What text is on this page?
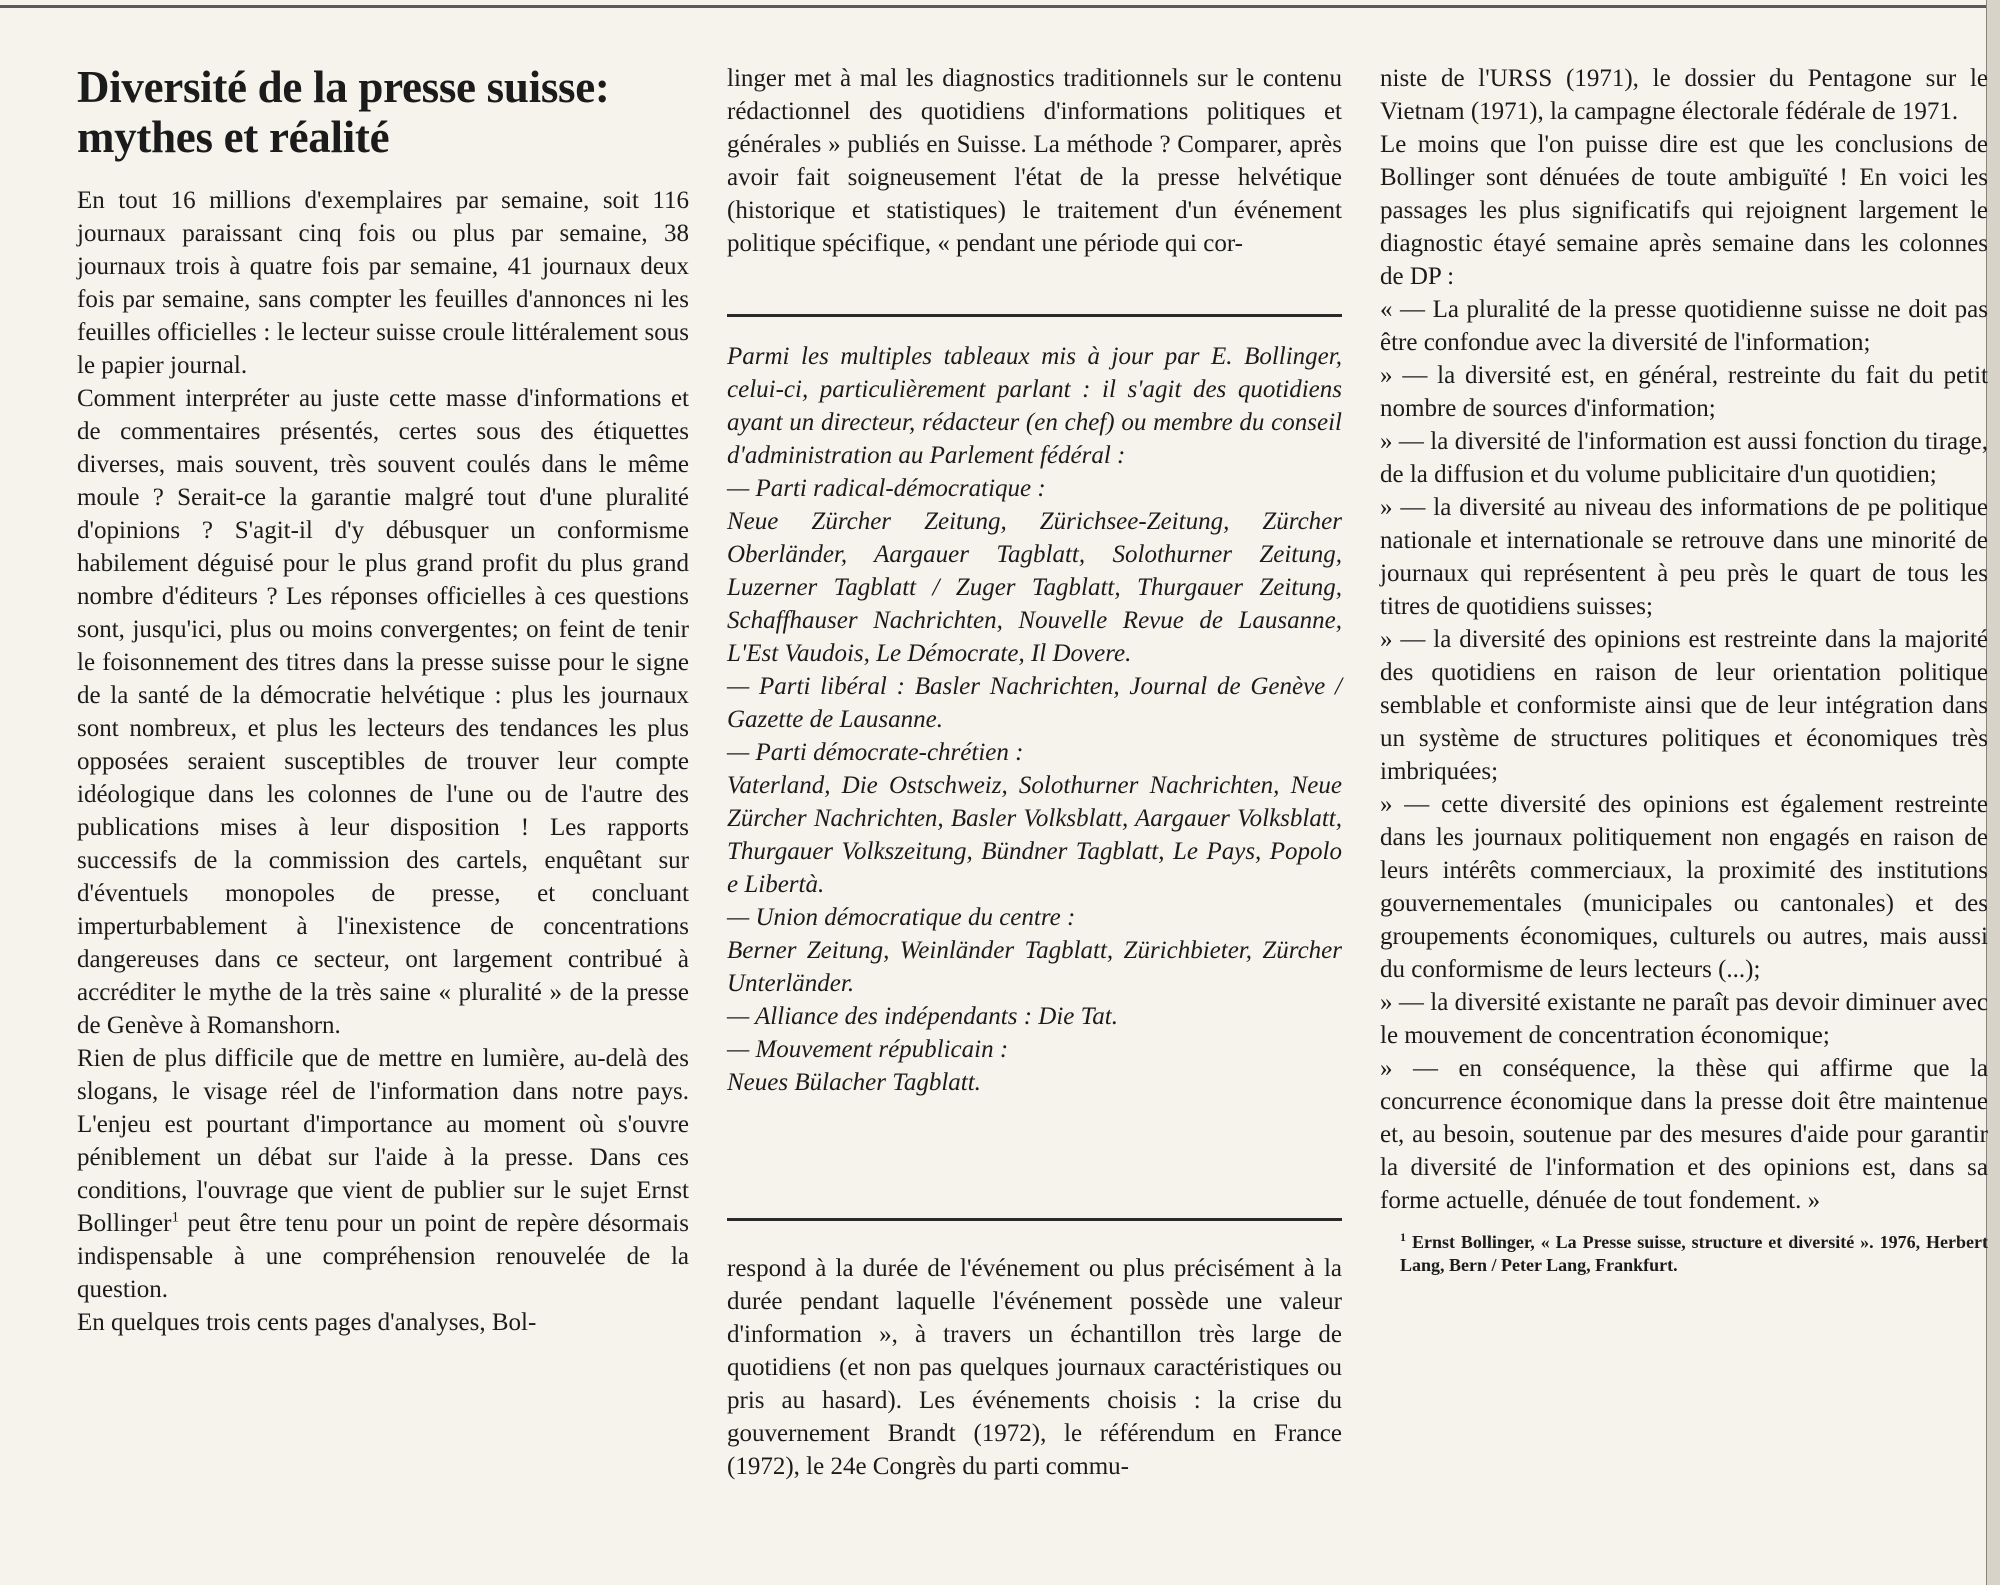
Diversité de la presse suisse: mythes et réalité

En tout 16 millions d'exemplaires par semaine, soit 116 journaux paraissant cinq fois ou plus par semaine, 38 journaux trois à quatre fois par semaine, 41 journaux deux fois par semaine, sans compter les feuilles d'annonces ni les feuilles officielles : le lecteur suisse croule littéralement sous le papier journal.

Comment interpréter au juste cette masse d'informations et de commentaires présentés, certes sous des étiquettes diverses, mais souvent, très souvent coulés dans le même moule ? Serait-ce la garantie malgré tout d'une pluralité d'opinions ? S'agit-il d'y débusquer un conformisme habilement déguisé pour le plus grand profit du plus grand nombre d'éditeurs ? Les réponses officielles à ces questions sont, jusqu'ici, plus ou moins convergentes; on feint de tenir le foisonnement des titres dans la presse suisse pour le signe de la santé de la démocratie helvétique : plus les journaux sont nombreux, et plus les lecteurs des tendances les plus opposées seraient susceptibles de trouver leur compte idéologique dans les colonnes de l'une ou de l'autre des publications mises à leur disposition ! Les rapports successifs de la commission des cartels, enquêtant sur d'éventuels monopoles de presse, et concluant imperturbablement à l'inexistence de concentrations dangereuses dans ce secteur, ont largement contribué à accréditer le mythe de la très saine « pluralité » de la presse de Genève à Romanshorn.

Rien de plus difficile que de mettre en lumière, au-delà des slogans, le visage réel de l'information dans notre pays. L'enjeu est pourtant d'importance au moment où s'ouvre péniblement un débat sur l'aide à la presse. Dans ces conditions, l'ouvrage que vient de publier sur le sujet Ernst Bollinger$^1$ peut être tenu pour un point de repère désormais indispensable à une compréhension renouvelée de la question.

En quelques trois cents pages d'analyses, Bol-

linger met à mal les diagnostics traditionnels sur le contenu rédactionnel des quotidiens d'informations politiques et générales » publiés en Suisse. La méthode ? Comparer, après avoir fait soigneusement l'état de la presse helvétique (historique et statistiques) le traitement d'un événement politique spécifique, « pendant une période qui cor-

Parmi les multiples tableaux mis à jour par E. Bollinger, celui-ci, particulièrement parlant : il s'agit des quotidiens ayant un directeur, rédacteur (en chef) ou membre du conseil d'administration au Parlement fédéral :

— Parti radical-démocratique :

Neue Zürcher Zeitung, Zürichsee-Zeitung, Zürcher Oberländer, Aargauer Tagblatt, Solothurner Zeitung, Luzerner Tagblatt / Zuger Tagblatt, Thurgauer Zeitung, Schaffhauser Nachrichten, Nouvelle Revue de Lausanne, L'Est Vaudois, Le Démocrate, Il Dovere.

— Parti libéral : Basler Nachrichten, Journal de Genève / Gazette de Lausanne.

— Parti démocrate-chrétien :

Vaterland, Die Ostschweiz, Solothurner Nachrichten, Neue Zürcher Nachrichten, Basler Volksblatt, Aargauer Volksblatt, Thurgauer Volkszeitung, Bündner Tagblatt, Le Pays, Popolo e Libertà.

— Union démocratique du centre :

Berner Zeitung, Weinländer Tagblatt, Zürichbieter, Zürcher Unterländer.

— Alliance des indépendants : Die Tat.

— Mouvement républicain :

Neues Bülacher Tagblatt.

respond à la durée de l'événement ou plus précisément à la durée pendant laquelle l'événement possède une valeur d'information », à travers un échantillon très large de quotidiens (et non pas quelques journaux caractéristiques ou pris au hasard). Les événements choisis : la crise du gouvernement Brandt (1972), le référendum en France (1972), le 24e Congrès du parti commu-

niste de l'URSS (1971), le dossier du Pentagone sur le Vietnam (1971), la campagne électorale fédérale de 1971.

Le moins que l'on puisse dire est que les conclusions de Bollinger sont dénuées de toute ambiguïté ! En voici les passages les plus significatifs qui rejoignent largement le diagnostic étayé semaine après semaine dans les colonnes de DP :

« — La pluralité de la presse quotidienne suisse ne doit pas être confondue avec la diversité de l'information;

» — la diversité est, en général, restreinte du fait du petit nombre de sources d'information;

» — la diversité de l'information est aussi fonction du tirage, de la diffusion et du volume publicitaire d'un quotidien;

» — la diversité au niveau des informations de pe politique nationale et internationale se retrouve dans une minorité de journaux qui représentent à peu près le quart de tous les titres de quotidiens suisses;

» — la diversité des opinions est restreinte dans la majorité des quotidiens en raison de leur orientation politique semblable et conformiste ainsi que de leur intégration dans un système de structures politiques et économiques très imbriquées;

» — cette diversité des opinions est également restreinte dans les journaux politiquement non engagés en raison de leurs intérêts commerciaux, la proximité des institutions gouvernementales (municipales ou cantonales) et des groupements économiques, culturels ou autres, mais aussi du conformisme de leurs lecteurs (...);

» — la diversité existante ne paraît pas devoir diminuer avec le mouvement de concentration économique;

» — en conséquence, la thèse qui affirme que la concurrence économique dans la presse doit être maintenue et, au besoin, soutenue par des mesures d'aide pour garantir la diversité de l'information et des opinions est, dans sa forme actuelle, dénuée de tout fondement. »

$^1$ Ernst Bollinger, « La Presse suisse, structure et diversité ». 1976, Herbert Lang, Bern / Peter Lang, Frankfurt.
